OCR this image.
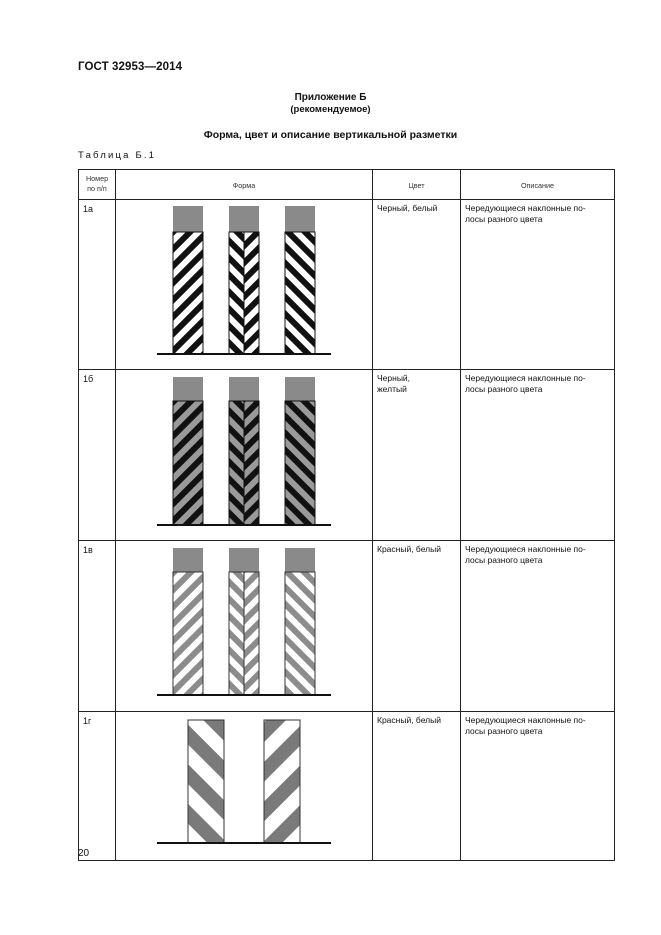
ГОСТ 32953—2014
Приложение Б
(рекомендуемое)
Форма, цвет и описание вертикальной разметки
Таблица Б.1
Номер
по п/п	Форма	Цвет	Описание

1а		Черный, белый	Чередующиеся наклонные по-
лосы разного цвета

1б		Черный,
желтый	Чередующиеся наклонные по-
лосы разного цвета

1в		Красный, белый	Чередующиеся наклонные по-
лосы разного цвета

1г		Красный, белый	Чередующиеся наклонные по-
лосы разного цвета
20
